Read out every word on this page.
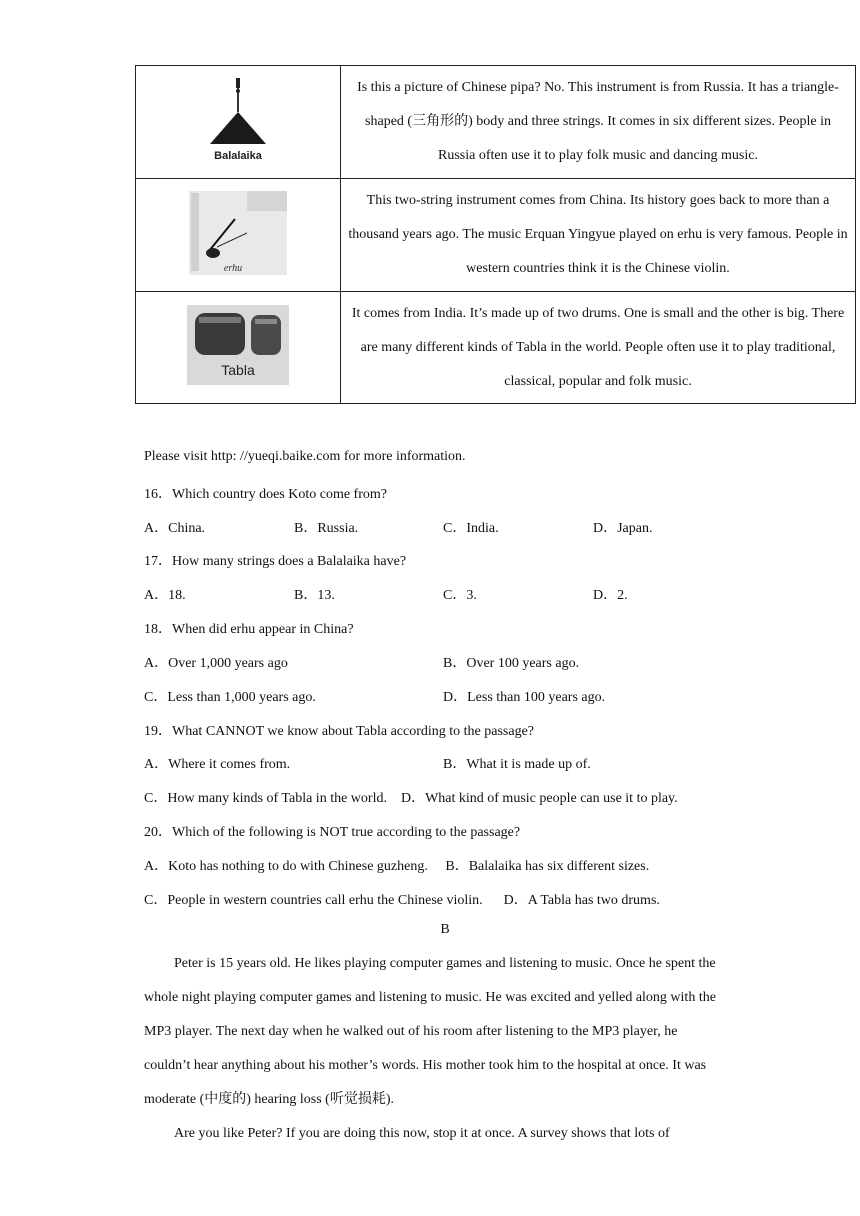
Balalaika	Is this a picture of Chinese pipa? No. This instrument is from Russia. It has a triangle-shaped (三角形的) body and three strings. It comes in six different sizes. People in Russia often use it to play folk music and dancing music.

erhu	This two-string instrument comes from China. Its history goes back to more than a thousand years ago. The music Erquan Yingyue played on erhu is very famous. People in western countries think it is the Chinese violin.

Tabla	It comes from India. It’s made up of two drums. One is small and the other is big. There are many different kinds of Tabla in the world. People often use it to play traditional, classical, popular and folk music.
Please visit http: //yueqi.baike.com for more information.
16．Which country does Koto come from?
A．China.	B．Russia.	C．India.	D．Japan.
17．How many strings does a Balalaika have?
A．18.	B．13.	C．3.	D．2.
18．When did erhu appear in China?
A．Over 1,000 years ago	B．Over 100 years ago.
C．Less than 1,000 years ago.	D．Less than 100 years ago.
19．What CANNOT we know about Tabla according to the passage?
A．Where it comes from.	B．What it is made up of.
C．How many kinds of Tabla in the world.    D．What kind of music people can use it to play.
20．Which of the following is NOT true according to the passage?
A．Koto has nothing to do with Chinese guzheng.     B．Balalaika has six different sizes.
C．People in western countries call erhu the Chinese violin.      D．A Tabla has two drums.
B

Peter is 15 years old. He likes playing computer games and listening to music. Once he spent the whole night playing computer games and listening to music. He was excited and yelled along with the MP3 player. The next day when he walked out of his room after listening to the MP3 player, he couldn’t hear anything about his mother’s words. His mother took him to the hospital at once. It was moderate (中度的) hearing loss (听觉损耗).

Are you like Peter? If you are doing this now, stop it at once. A survey shows that lots of
